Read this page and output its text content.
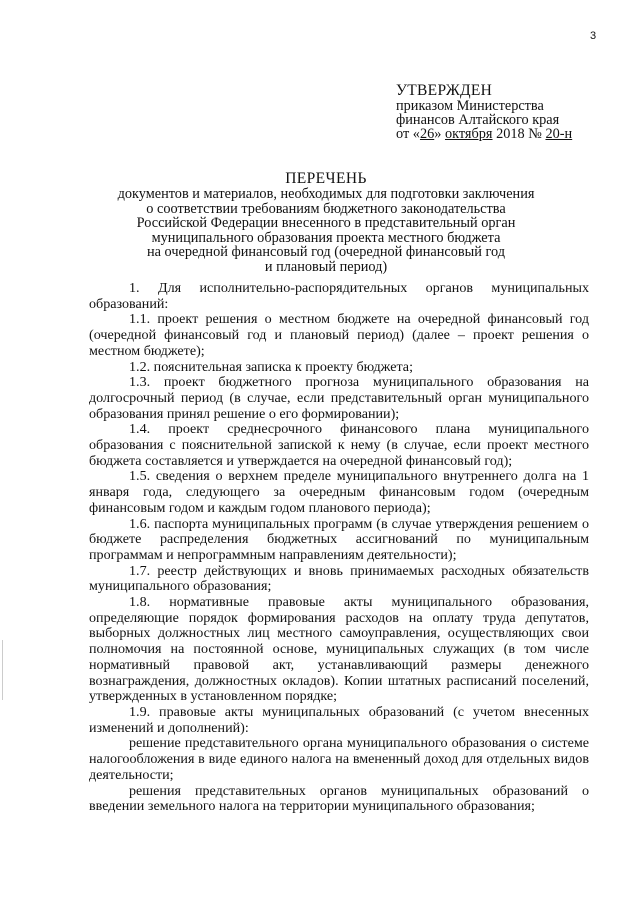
3
УТВЕРЖДЕН
приказом Министерства
финансов Алтайского края
от «26» октября 2018 № 20-н
ПЕРЕЧЕНЬ
документов и материалов, необходимых для подготовки заключения
о соответствии требованиям бюджетного законодательства
Российской Федерации внесенного в представительный орган
муниципального образования проекта местного бюджета
на очередной финансовый год (очередной финансовый год
и плановый период)

1. Для исполнительно-распорядительных органов муниципальных образований:

1.1. проект решения о местном бюджете на очередной финансовый год (очередной финансовый год и плановый период) (далее – проект решения о местном бюджете);

1.2. пояснительная записка к проекту бюджета;

1.3. проект бюджетного прогноза муниципального образования на долгосрочный период (в случае, если представительный орган муниципального образования принял решение о его формировании);

1.4. проект среднесрочного финансового плана муниципального образования с пояснительной запиской к нему (в случае, если проект местного бюджета составляется и утверждается на очередной финансовый год);

1.5. сведения о верхнем пределе муниципального внутреннего долга на 1 января года, следующего за очередным финансовым годом (очередным финансовым годом и каждым годом планового периода);

1.6. паспорта муниципальных программ (в случае утверждения решением о бюджете распределения бюджетных ассигнований по муниципальным программам и непрограммным направлениям деятельности);

1.7. реестр действующих и вновь принимаемых расходных обязательств муниципального образования;

1.8. нормативные правовые акты муниципального образования, определяющие порядок формирования расходов на оплату труда депутатов, выборных должностных лиц местного самоуправления, осуществляющих свои полномочия на постоянной основе, муниципальных служащих (в том числе нормативный правовой акт, устанавливающий размеры денежного вознаграждения, должностных окладов). Копии штатных расписаний поселений, утвержденных в установленном порядке;

1.9. правовые акты муниципальных образований (с учетом внесенных изменений и дополнений):

решение представительного органа муниципального образования о системе налогообложения в виде единого налога на вмененный доход для отдельных видов деятельности;

решения представительных органов муниципальных образований о введении земельного налога на территории муниципального образования;
